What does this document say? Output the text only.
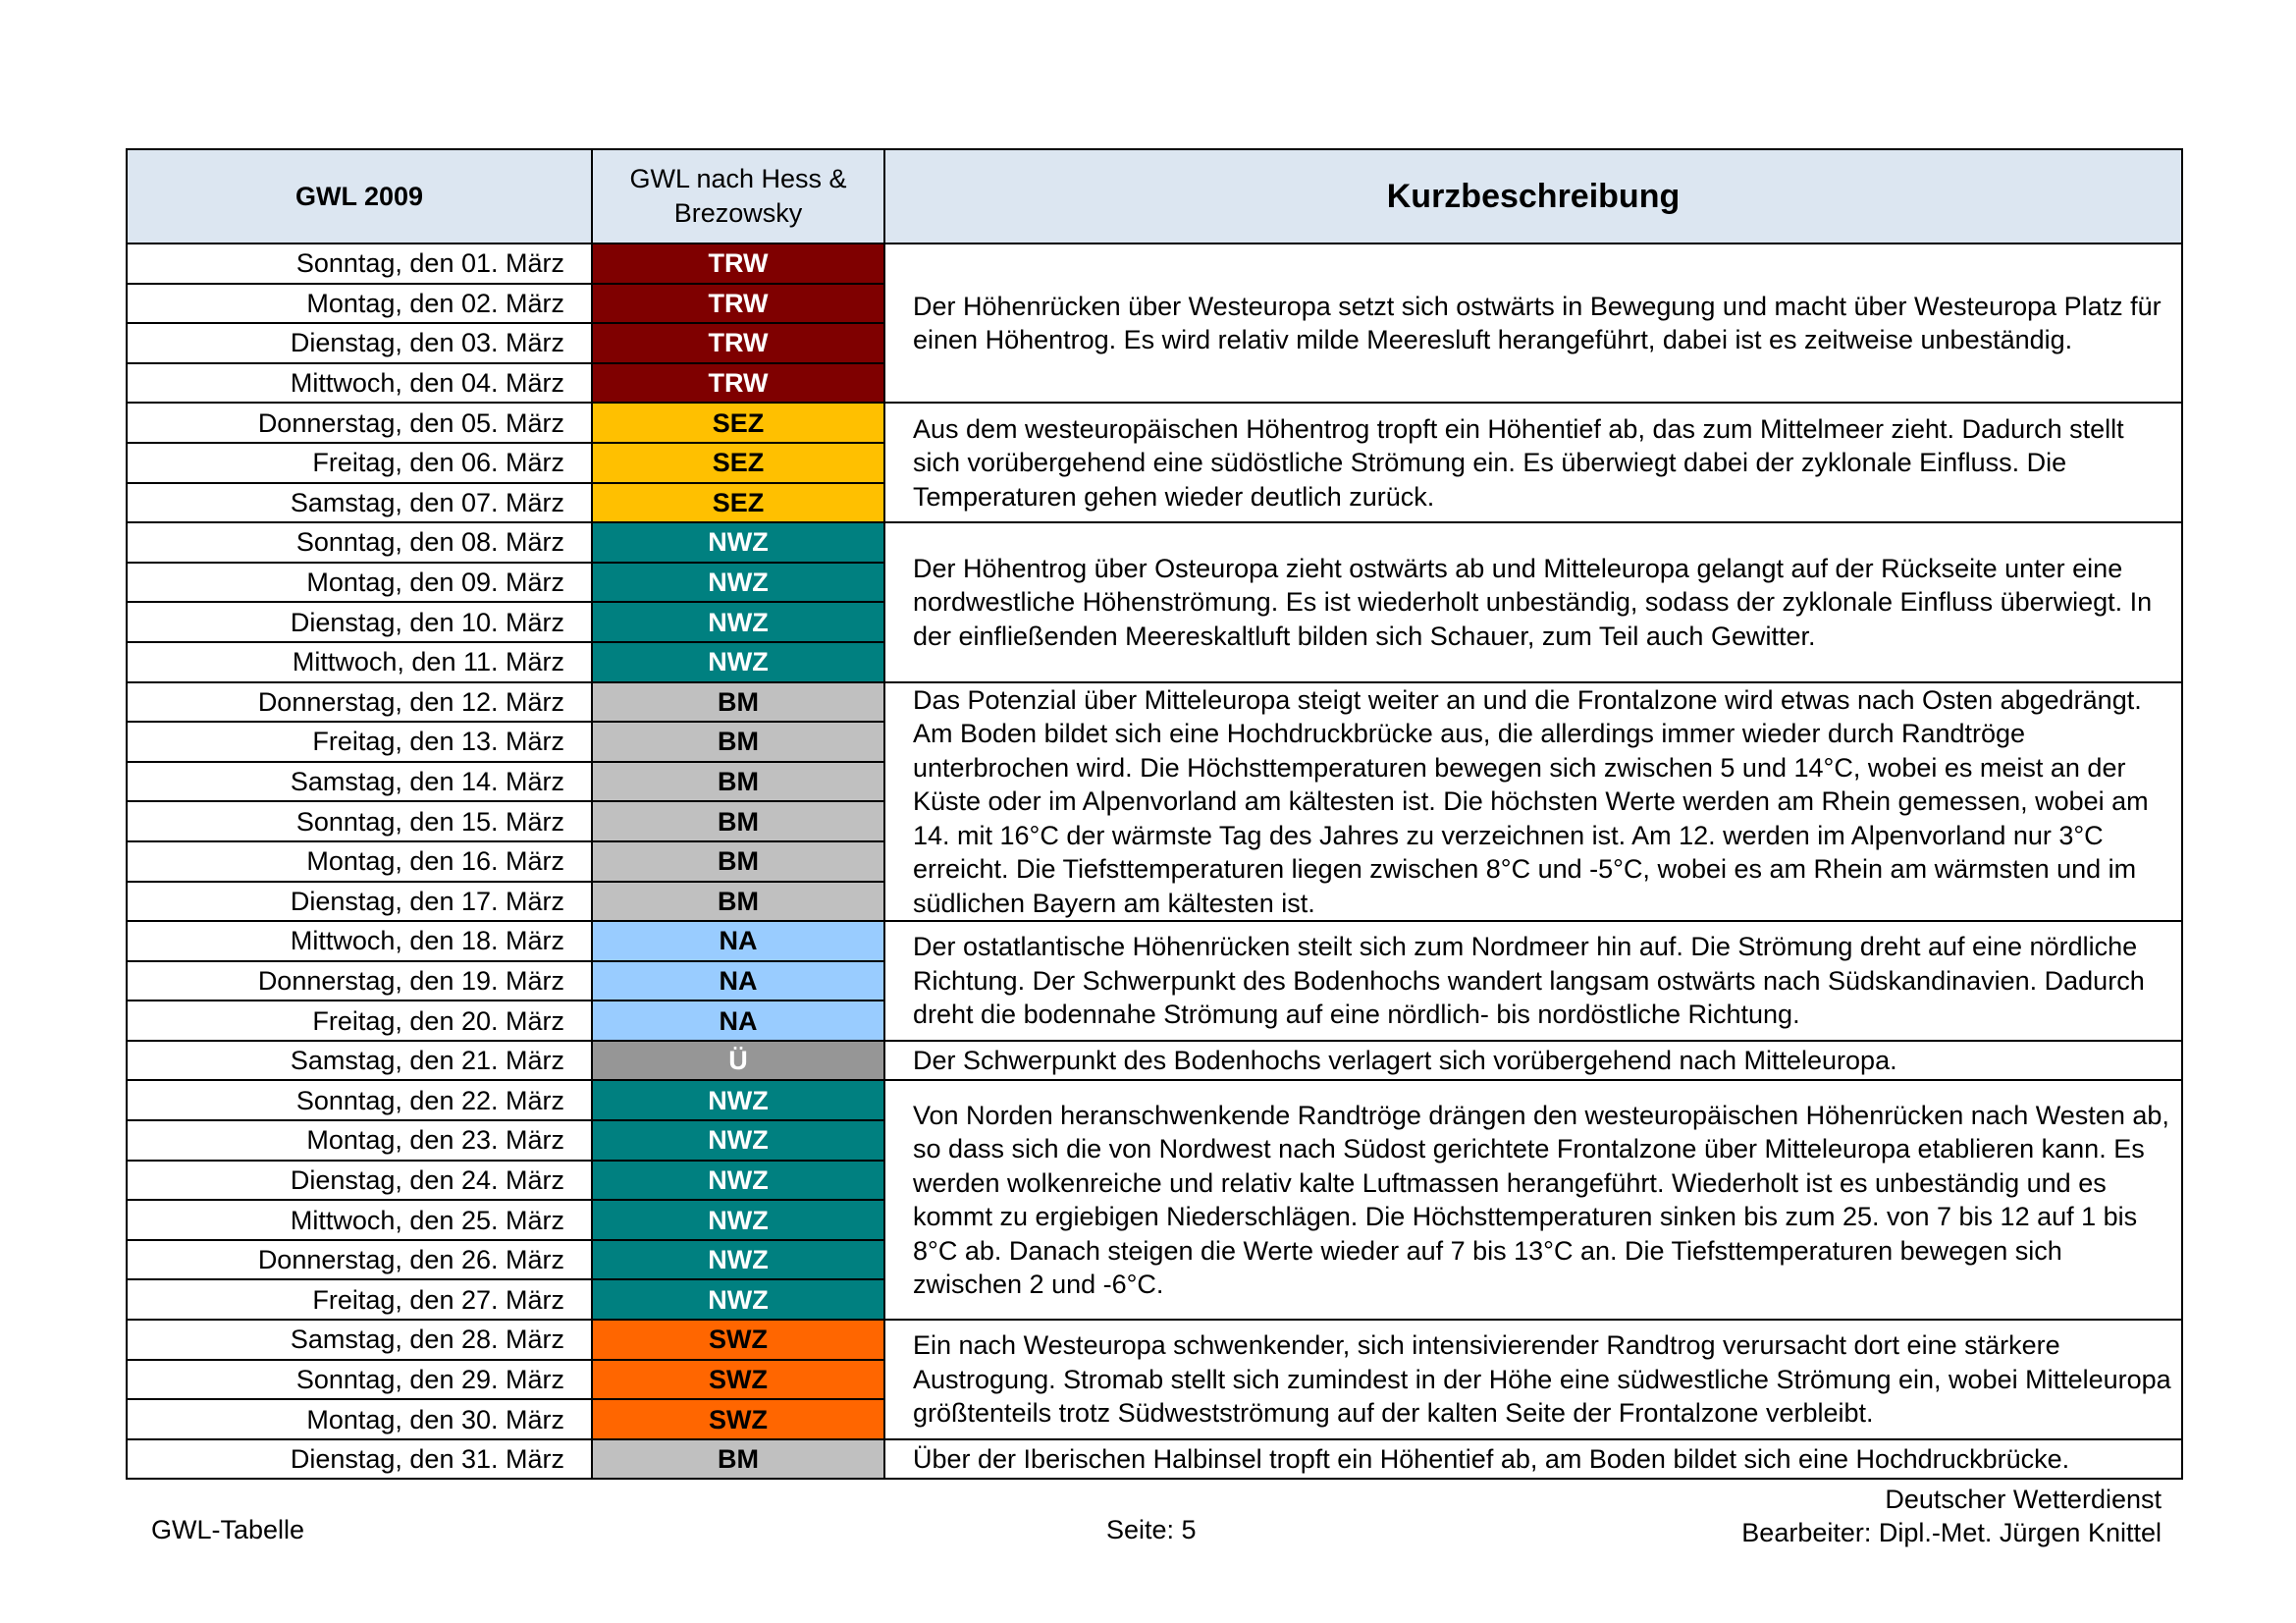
GWL 2009	GWL nach Hess & Brezowsky	Kurzbeschreibung
Sonntag, den 01. März	TRW	Der Höhenrücken über Westeuropa setzt sich ostwärts in Bewegung und macht über Westeuropa Platz für einen Höhentrog. Es wird relativ milde Meeresluft herangeführt, dabei ist es zeitweise unbeständig.
Montag, den 02. März	TRW	
Dienstag, den 03. März	TRW	
Mittwoch, den 04. März	TRW	
Donnerstag, den 05. März	SEZ	Aus dem westeuropäischen Höhentrog tropft ein Höhentief ab, das zum Mittelmeer zieht. Dadurch stellt sich vorübergehend eine südöstliche Strömung ein. Es überwiegt dabei der zyklonale Einfluss. Die Temperaturen gehen wieder deutlich zurück.
Freitag, den 06. März	SEZ	
Samstag, den 07. März	SEZ	
Sonntag, den 08. März	NWZ	Der Höhentrog über Osteuropa zieht ostwärts ab und Mitteleuropa gelangt auf der Rückseite unter eine nordwestliche Höhenströmung. Es ist wiederholt unbeständig, sodass der zyklonale Einfluss überwiegt. In der einfließenden Meereskaltluft bilden sich Schauer, zum Teil auch Gewitter.
Montag, den 09. März	NWZ	
Dienstag, den 10. März	NWZ	
Mittwoch, den 11. März	NWZ	
Donnerstag, den 12. März	BM	Das Potenzial über Mitteleuropa steigt weiter an und die Frontalzone wird etwas nach Osten abgedrängt. Am Boden bildet sich eine Hochdruckbrücke aus, die allerdings immer wieder durch Randtröge unterbrochen wird. Die Höchsttemperaturen bewegen sich zwischen 5 und 14°C, wobei es meist an der Küste oder im Alpenvorland am kältesten ist. Die höchsten Werte werden am Rhein gemessen, wobei am 14. mit 16°C der wärmste Tag des Jahres zu verzeichnen ist. Am 12. werden im Alpenvorland nur 3°C erreicht. Die Tiefsttemperaturen liegen zwischen 8°C und -5°C, wobei es am Rhein am wärmsten und im südlichen Bayern am kältesten ist.
Freitag, den 13. März	BM	
Samstag, den 14. März	BM	
Sonntag, den 15. März	BM	
Montag, den 16. März	BM	
Dienstag, den 17. März	BM	
Mittwoch, den 18. März	NA	Der ostatlantische Höhenrücken steilt sich zum Nordmeer hin auf. Die Strömung dreht auf eine nördliche Richtung. Der Schwerpunkt des Bodenhochs wandert langsam ostwärts nach Südskandinavien. Dadurch dreht die bodennahe Strömung auf eine nördlich- bis nordöstliche Richtung.
Donnerstag, den 19. März	NA	
Freitag, den 20. März	NA	
Samstag, den 21. März	Ü	Der Schwerpunkt des Bodenhochs verlagert sich vorübergehend nach Mitteleuropa.
Sonntag, den 22. März	NWZ	Von Norden heranschwenkende Randtröge drängen den westeuropäischen Höhenrücken nach Westen ab, so dass sich die von Nordwest nach Südost gerichtete Frontalzone über Mitteleuropa etablieren kann. Es werden wolkenreiche und relativ kalte Luftmassen herangeführt. Wiederholt ist es unbeständig und es kommt zu ergiebigen Niederschlägen. Die Höchsttemperaturen sinken bis zum 25. von 7 bis 12 auf 1 bis 8°C ab. Danach steigen die Werte wieder auf 7 bis 13°C an. Die Tiefsttemperaturen bewegen sich zwischen 2 und -6°C.
Montag, den 23. März	NWZ	
Dienstag, den 24. März	NWZ	
Mittwoch, den 25. März	NWZ	
Donnerstag, den 26. März	NWZ	
Freitag, den 27. März	NWZ	
Samstag, den 28. März	SWZ	Ein nach Westeuropa schwenkender, sich intensivierender Randtrog verursacht dort eine stärkere Austrogung. Stromab stellt sich zumindest in der Höhe eine südwestliche Strömung ein, wobei Mitteleuropa größtenteils trotz Südwestströmung auf der kalten Seite der Frontalzone verbleibt.
Sonntag, den 29. März	SWZ	
Montag, den 30. März	SWZ	
Dienstag, den 31. März	BM	Über der Iberischen Halbinsel tropft ein Höhentief ab, am Boden bildet sich eine Hochdruckbrücke.
GWL-Tabelle	Seite: 5
Deutscher Wetterdienst
Bearbeiter: Dipl.-Met. Jürgen Knittel
